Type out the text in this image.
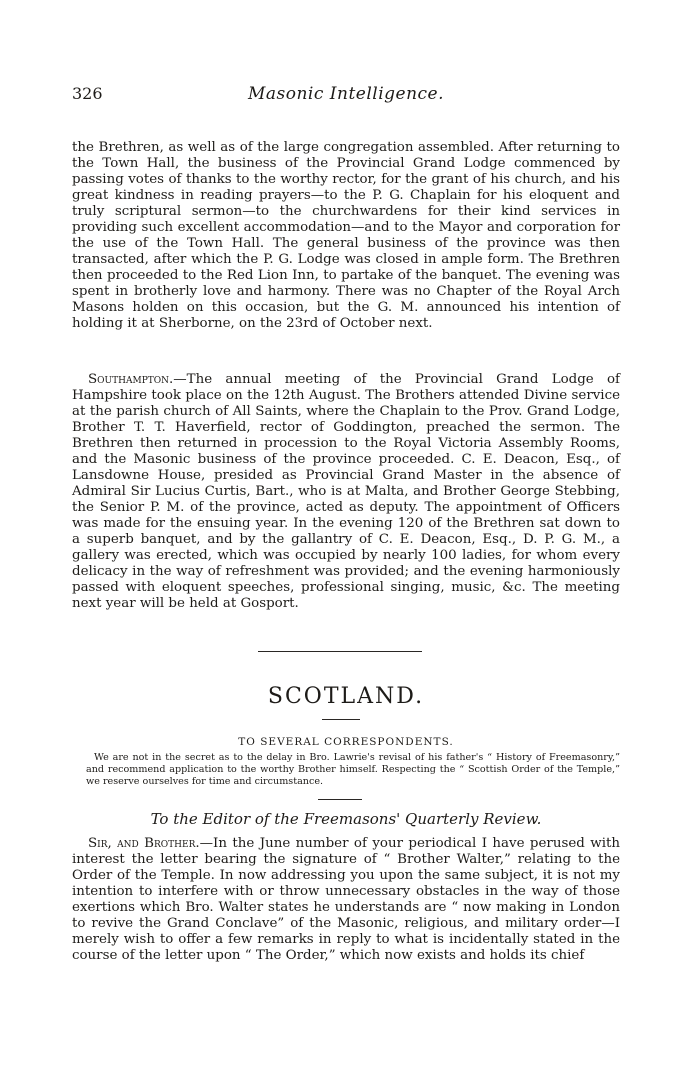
326	Masonic Intelligence.

the Brethren, as well as of the large congregation assembled. After returning to the Town Hall, the business of the Provincial Grand Lodge commenced by passing votes of thanks to the worthy rector, for the grant of his church, and his great kindness in reading prayers—to the P. G. Chaplain for his eloquent and truly scriptural sermon—to the churchwardens for their kind services in providing such excellent accommodation—and to the Mayor and corporation for the use of the Town Hall. The general business of the province was then transacted, after which the P. G. Lodge was closed in ample form. The Brethren then proceeded to the Red Lion Inn, to partake of the banquet. The evening was spent in brotherly love and harmony. There was no Chapter of the Royal Arch Masons holden on this occasion, but the G. M. announced his intention of holding it at Sherborne, on the 23rd of October next.

Southampton.—The annual meeting of the Provincial Grand Lodge of Hampshire took place on the 12th August. The Brothers attended Divine service at the parish church of All Saints, where the Chaplain to the Prov. Grand Lodge, Brother T. T. Haverfield, rector of Goddington, preached the sermon. The Brethren then returned in procession to the Royal Victoria Assembly Rooms, and the Masonic business of the province proceeded. C. E. Deacon, Esq., of Lansdowne House, presided as Provincial Grand Master in the absence of Admiral Sir Lucius Curtis, Bart., who is at Malta, and Brother George Stebbing, the Senior P. M. of the province, acted as deputy. The appointment of Officers was made for the ensuing year. In the evening 120 of the Brethren sat down to a superb banquet, and by the gallantry of C. E. Deacon, Esq., D. P. G. M., a gallery was erected, which was occupied by nearly 100 ladies, for whom every delicacy in the way of refreshment was provided; and the evening harmoniously passed with eloquent speeches, professional singing, music, &c. The meeting next year will be held at Gosport.

SCOTLAND.
TO SEVERAL CORRESPONDENTS.
We are not in the secret as to the delay in Bro. Lawrie's revisal of his father's “ History of Freemasonry,” and recommend application to the worthy Brother himself. Respecting the “ Scottish Order of the Temple,” we reserve ourselves for time and circumstance.
To the Editor of the Freemasons' Quarterly Review.

Sir, and Brother.—In the June number of your periodical I have perused with interest the letter bearing the signature of “ Brother Walter,” relating to the Order of the Temple. In now addressing you upon the same subject, it is not my intention to interfere with or throw unnecessary obstacles in the way of those exertions which Bro. Walter states he understands are “ now making in London to revive the Grand Conclave” of the Masonic, religious, and military order—I merely wish to offer a few remarks in reply to what is incidentally stated in the course of the letter upon “ The Order,” which now exists and holds its chief
